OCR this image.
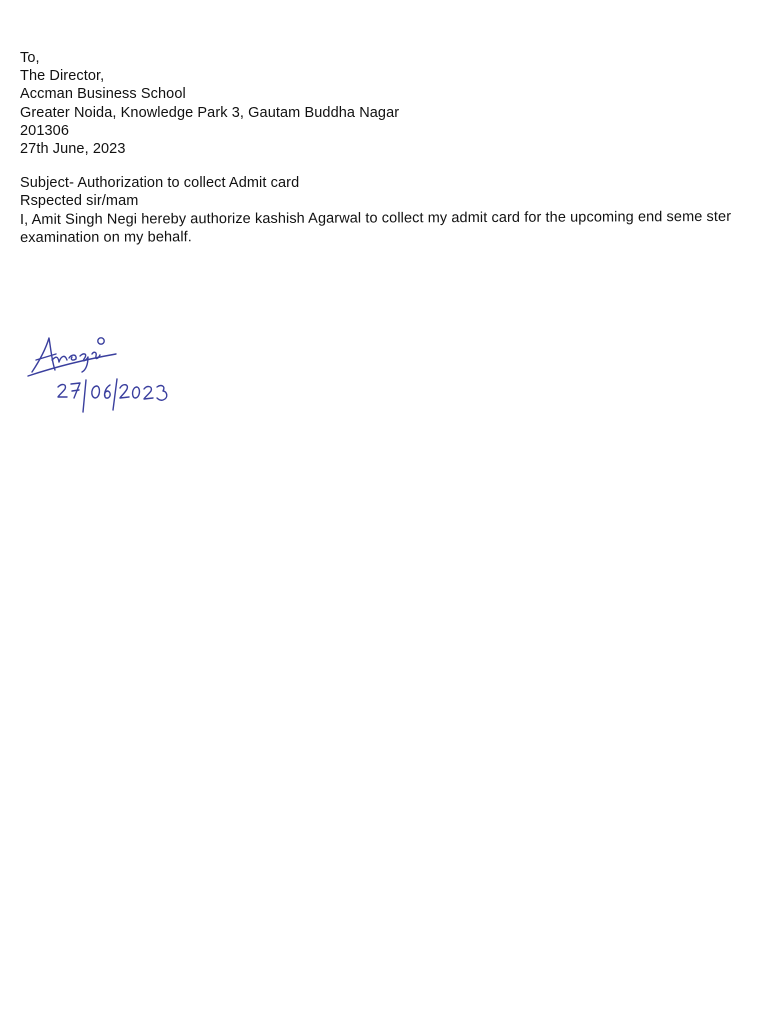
To,
The Director,
Accman Business School
Greater Noida, Knowledge Park 3, Gautam Buddha Nagar
201306
27th June, 2023
Subject- Authorization to collect Admit card
Rspected sir/mam
I, Amit Singh Negi hereby authorize kashish Agarwal to collect my admit card for the upcoming end seme ster examination on my behalf.
